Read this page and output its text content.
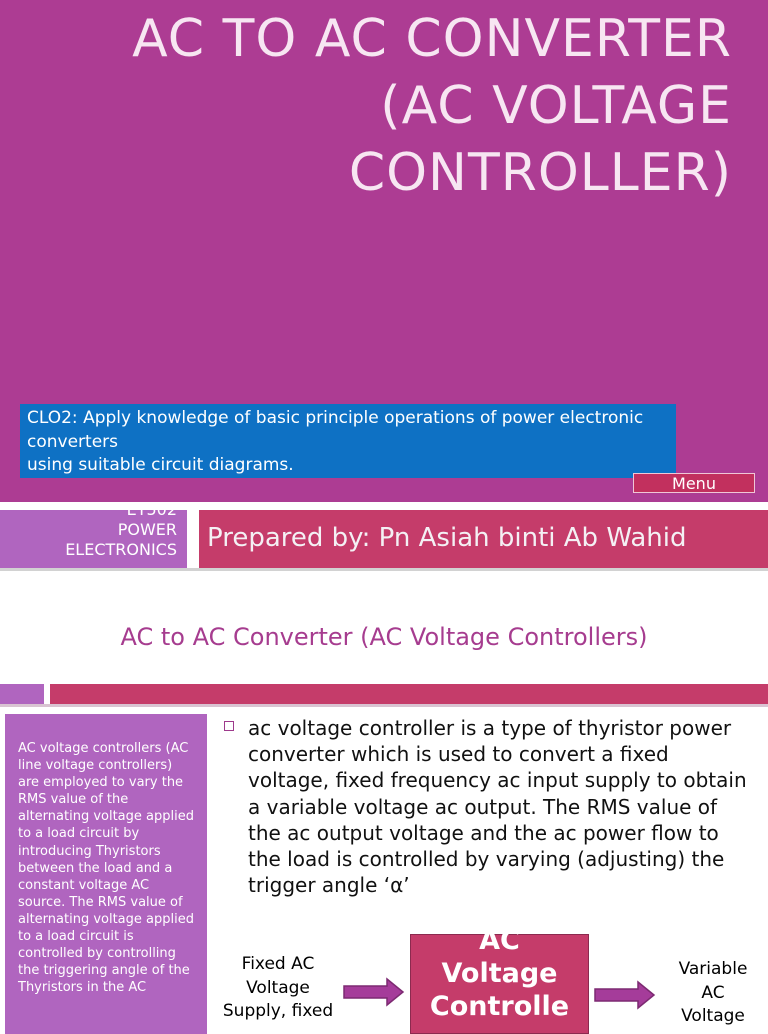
AC TO AC CONVERTER
(AC VOLTAGE
CONTROLLER)
CLO2: Apply knowledge of basic principle operations of power electronic converters
using suitable circuit diagrams.
Menu
ET502
POWER
ELECTRONICS	Prepared by: Pn Asiah binti Ab Wahid
AC to AC Converter (AC Voltage Controllers)
AC voltage controllers (AC line voltage controllers) are employed to vary the RMS value of the alternating voltage applied to a load circuit by introducing Thyristors between the load and a constant voltage AC source. The RMS value of alternating voltage applied to a load circuit is controlled by controlling the triggering angle of the Thyristors in the AC

ac voltage controller is a type of thyristor power converter which is used to convert a fixed voltage, fixed frequency ac input supply to obtain a variable voltage ac output. The RMS value of the ac output voltage and the ac power flow to the load is controlled by varying (adjusting) the trigger angle ‘α’

Fixed AC
Voltage
Supply, fixed
AC
Voltage
Controlle
Variable
AC
Voltage
